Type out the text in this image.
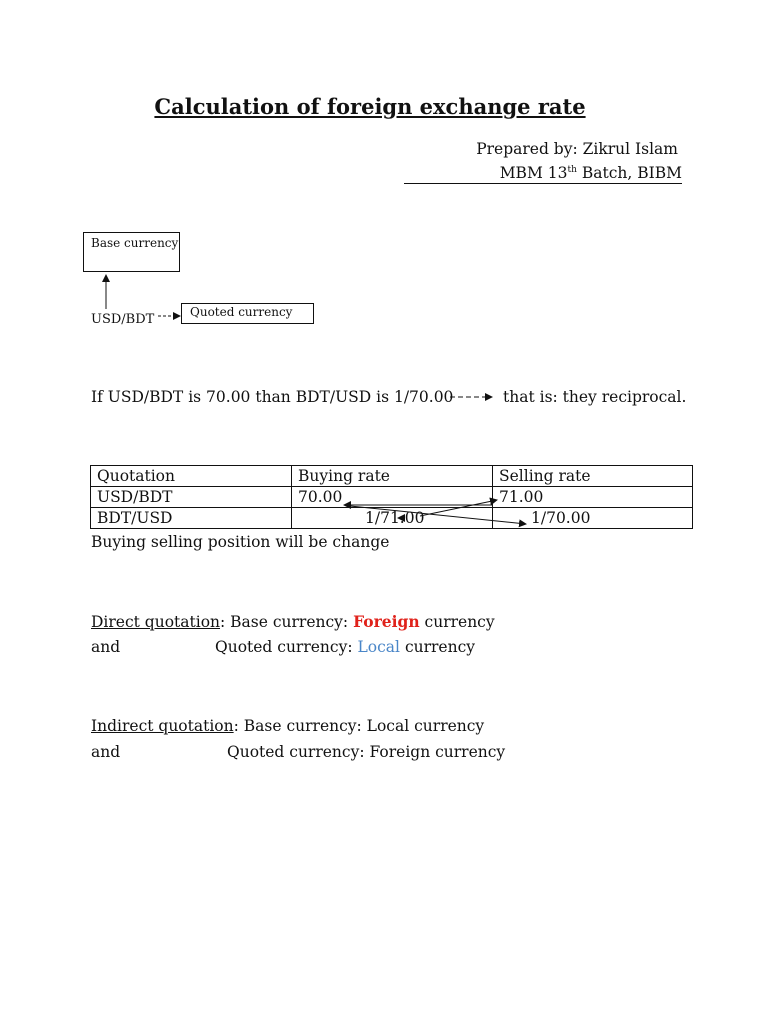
Calculation of foreign exchange rate
Prepared by: Zikrul Islam
MBM 13th Batch, BIBM
Base currency
USD/BDT	Quoted currency
If USD/BDT is 70.00 than BDT/USD is 1/70.00	that is: they reciprocal.
Quotation	Buying rate	Selling rate
USD/BDT	70.00	71.00
BDT/USD	1/71.00	1/70.00
Buying selling position will be change
Direct quotation: Base currency: Foreign currency
and	Quoted currency: Local currency
Indirect quotation: Base currency: Local currency
and	Quoted currency: Foreign currency
